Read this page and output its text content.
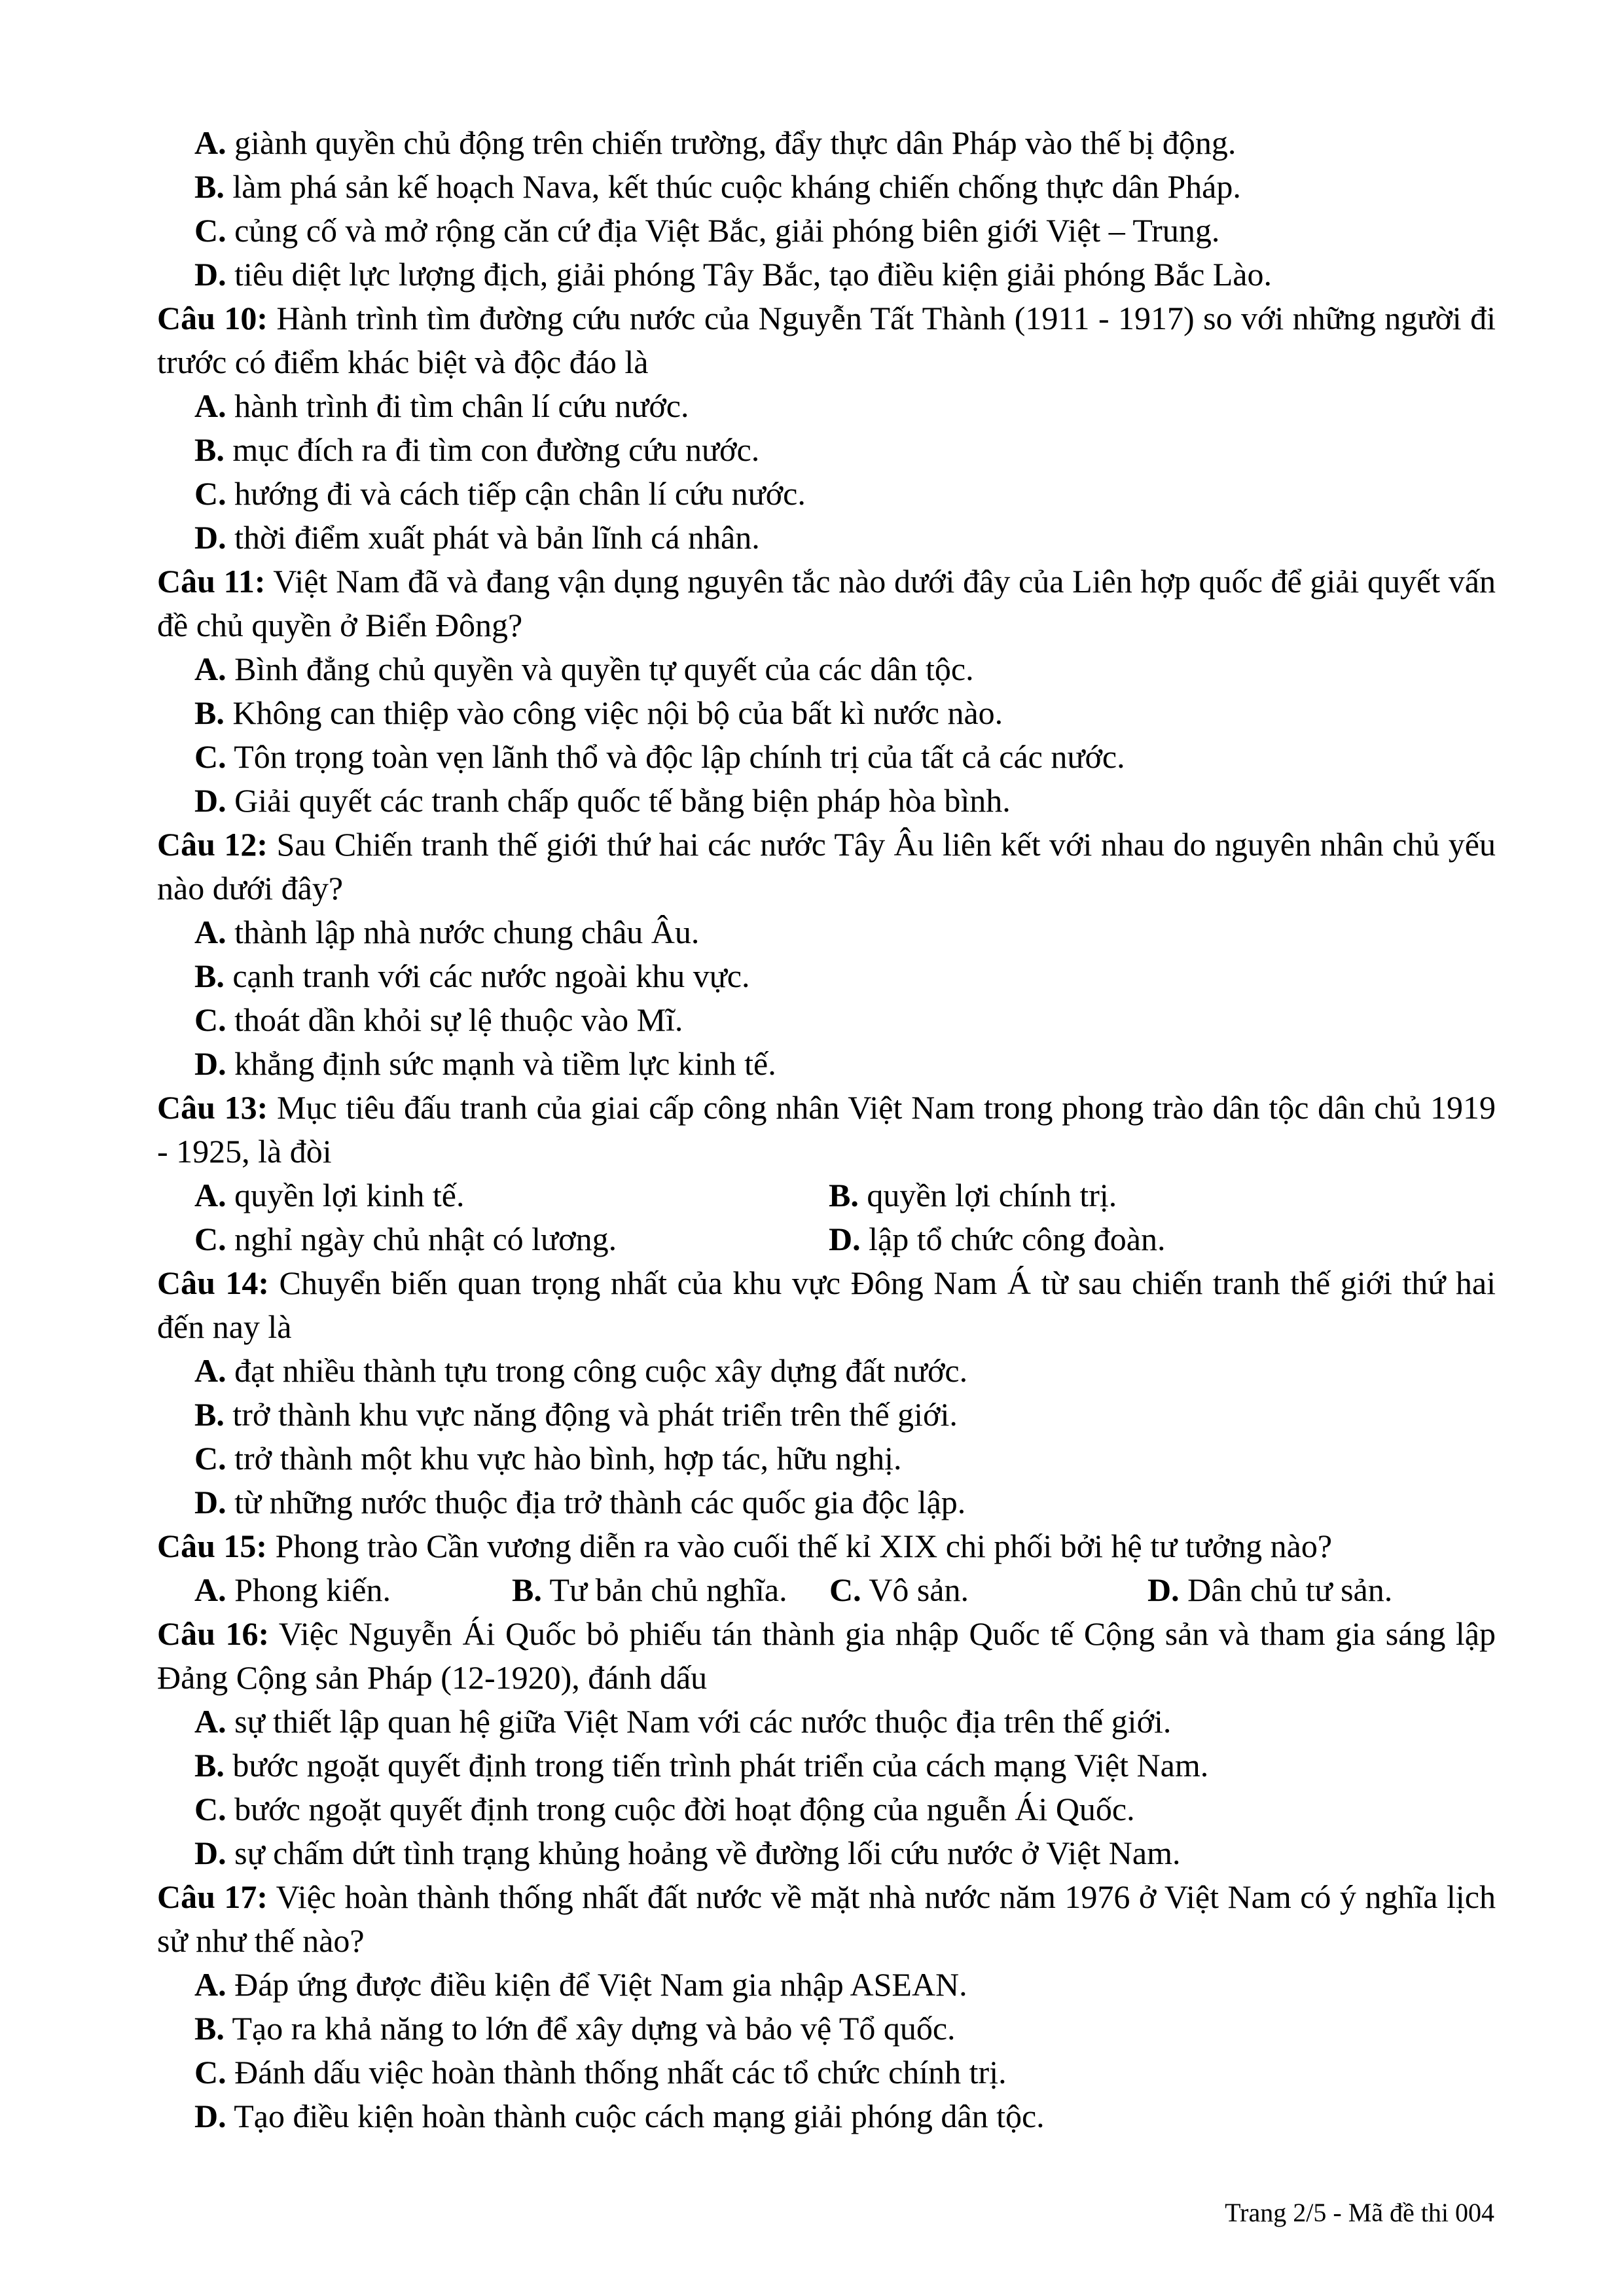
A. giành quyền chủ động trên chiến trường, đẩy thực dân Pháp vào thế bị động.
B. làm phá sản kế hoạch Nava, kết thúc cuộc kháng chiến chống thực dân Pháp.
C. củng cố và mở rộng căn cứ địa Việt Bắc, giải phóng biên giới Việt – Trung.
D. tiêu diệt lực lượng địch, giải phóng Tây Bắc, tạo điều kiện giải phóng Bắc Lào.
Câu 10: Hành trình tìm đường cứu nước của Nguyễn Tất Thành (1911 - 1917) so với những người đi trước có điểm khác biệt và độc đáo là
A. hành trình đi tìm chân lí cứu nước.
B. mục đích ra đi tìm con đường cứu nước.
C. hướng đi và cách tiếp cận chân lí cứu nước.
D. thời điểm xuất phát và bản lĩnh cá nhân.
Câu 11: Việt Nam đã và đang vận dụng nguyên tắc nào dưới đây của Liên hợp quốc để giải quyết vấn đề chủ quyền ở Biển Đông?
A. Bình đẳng chủ quyền và quyền tự quyết của các dân tộc.
B. Không can thiệp vào công việc nội bộ của bất kì nước nào.
C. Tôn trọng toàn vẹn lãnh thổ và độc lập chính trị của tất cả các nước.
D. Giải quyết các tranh chấp quốc tế bằng biện pháp hòa bình.
Câu 12: Sau Chiến tranh thế giới thứ hai các nước Tây Âu liên kết với nhau do nguyên nhân chủ yếu nào dưới đây?
A. thành lập nhà nước chung châu Âu.
B. cạnh tranh với các nước ngoài khu vực.
C. thoát dần khỏi sự lệ thuộc vào Mĩ.
D. khẳng định sức mạnh và tiềm lực kinh tế.
Câu 13: Mục tiêu đấu tranh của giai cấp công nhân Việt Nam trong phong trào dân tộc dân chủ 1919 - 1925, là đòi
A. quyền lợi kinh tế.	B. quyền lợi chính trị.
C. nghỉ ngày chủ nhật có lương.	D. lập tổ chức công đoàn.
Câu 14: Chuyển biến quan trọng nhất của khu vực Đông Nam Á từ sau chiến tranh thế giới thứ hai đến nay là
A. đạt nhiều thành tựu trong công cuộc xây dựng đất nước.
B. trở thành khu vực năng động và phát triển trên thế giới.
C. trở thành một khu vực hào bình, hợp tác, hữu nghị.
D. từ những nước thuộc địa trở thành các quốc gia độc lập.
Câu 15: Phong trào Cần vương diễn ra vào cuối thế kỉ XIX chi phối bởi hệ tư tưởng nào?
A. Phong kiến.	B. Tư bản chủ nghĩa.	C. Vô sản.	D. Dân chủ tư sản.
Câu 16: Việc Nguyễn Ái Quốc bỏ phiếu tán thành gia nhập Quốc tế Cộng sản và tham gia sáng lập Đảng Cộng sản Pháp (12-1920), đánh dấu
A. sự thiết lập quan hệ giữa Việt Nam với các nước thuộc địa trên thế giới.
B. bước ngoặt quyết định trong tiến trình phát triển của cách mạng Việt Nam.
C. bước ngoặt quyết định trong cuộc đời hoạt động của nguễn Ái Quốc.
D. sự chấm dứt tình trạng khủng hoảng về đường lối cứu nước ở Việt Nam.
Câu 17: Việc hoàn thành thống nhất đất nước về mặt nhà nước năm 1976 ở Việt Nam có ý nghĩa lịch sử như thế nào?
A. Đáp ứng được điều kiện để Việt Nam gia nhập ASEAN.
B. Tạo ra khả năng to lớn để xây dựng và bảo vệ Tổ quốc.
C. Đánh dấu việc hoàn thành thống nhất các tổ chức chính trị.
D. Tạo điều kiện hoàn thành cuộc cách mạng giải phóng dân tộc.
Trang 2/5 - Mã đề thi 004
